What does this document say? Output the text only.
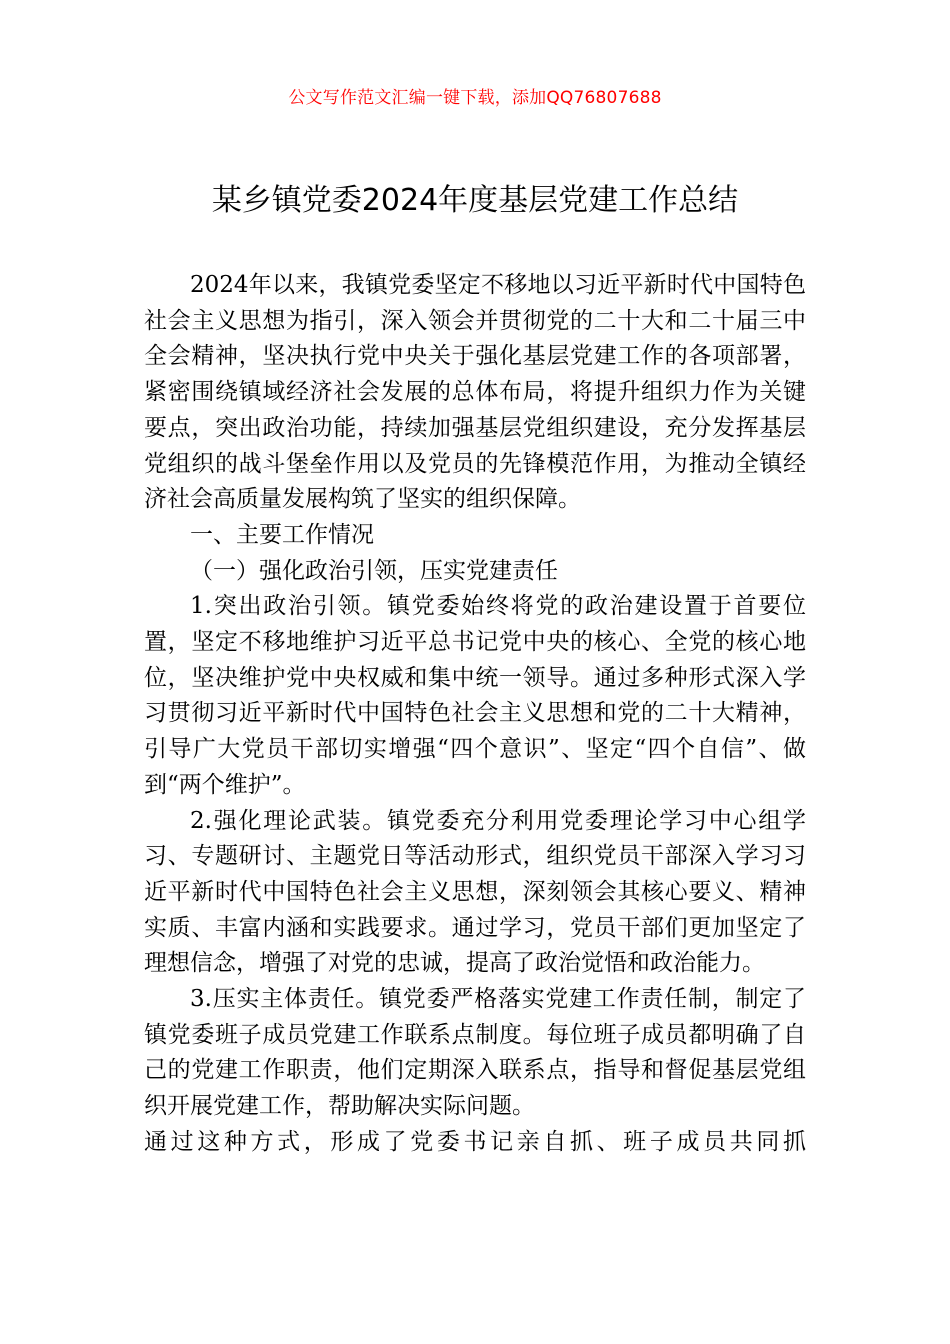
公文写作范文汇编一键下载，添加QQ76807688
某乡镇党委2024年度基层党建工作总结

2024年以来，我镇党委坚定不移地以习近平新时代中国特色社会主义思想为指引，深入领会并贯彻党的二十大和二十届三中全会精神，坚决执行党中央关于强化基层党建工作的各项部署，紧密围绕镇域经济社会发展的总体布局，将提升组织力作为关键要点，突出政治功能，持续加强基层党组织建设，充分发挥基层党组织的战斗堡垒作用以及党员的先锋模范作用，为推动全镇经济社会高质量发展构筑了坚实的组织保障。

一、主要工作情况

（一）强化政治引领，压实党建责任

1.突出政治引领。镇党委始终将党的政治建设置于首要位置，坚定不移地维护习近平总书记党中央的核心、全党的核心地位，坚决维护党中央权威和集中统一领导。通过多种形式深入学习贯彻习近平新时代中国特色社会主义思想和党的二十大精神，引导广大党员干部切实增强“四个意识”、坚定“四个自信”、做到“两个维护”。

2.强化理论武装。镇党委充分利用党委理论学习中心组学习、专题研讨、主题党日等活动形式，组织党员干部深入学习习近平新时代中国特色社会主义思想，深刻领会其核心要义、精神实质、丰富内涵和实践要求。通过学习，党员干部们更加坚定了理想信念，增强了对党的忠诚，提高了政治觉悟和政治能力。

3.压实主体责任。镇党委严格落实党建工作责任制，制定了镇党委班子成员党建工作联系点制度。每位班子成员都明确了自己的党建工作职责，他们定期深入联系点，指导和督促基层党组织开展党建工作，帮助解决实际问题。

通过这种方式，形成了党委书记亲自抓、班子成员共同抓
